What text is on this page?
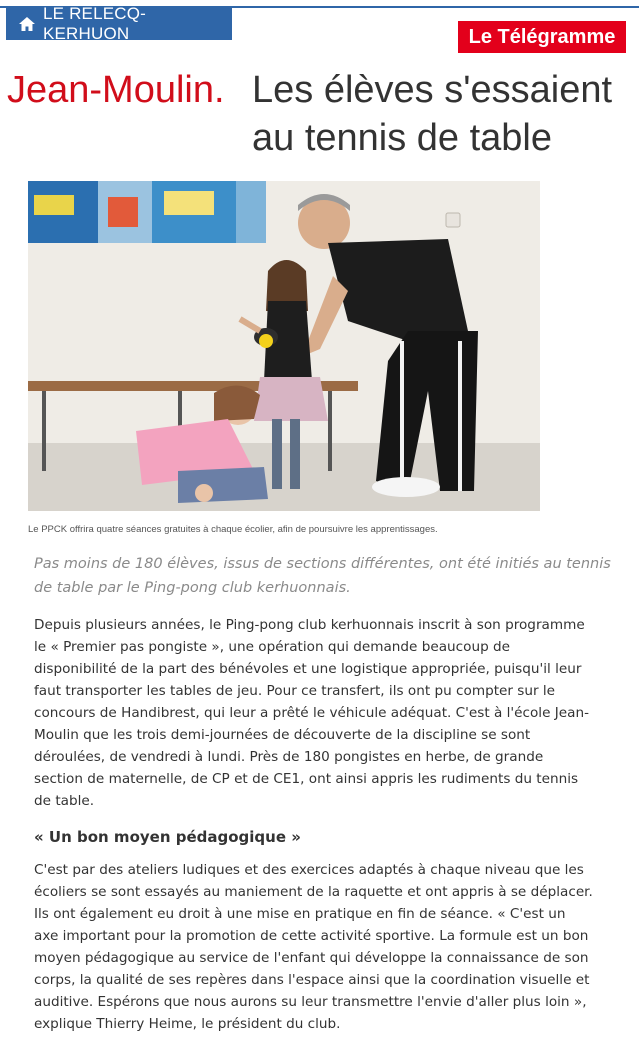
LE RELECQ-KERHUON	Le Télégramme
Jean-Moulin. Les élèves s'essaient
au tennis de table
Le PPCK offrira quatre séances gratuites à chaque écolier, afin de poursuivre les apprentissages.
Pas moins de 180 élèves, issus de sections différentes, ont été initiés au tennis de table par le Ping-pong club kerhuonnais.
Depuis plusieurs années, le Ping-pong club kerhuonnais inscrit à son programme le « Premier pas pongiste », une opération qui demande beaucoup de disponibilité de la part des bénévoles et une logistique appropriée, puisqu'il leur faut transporter les tables de jeu. Pour ce transfert, ils ont pu compter sur le concours de Handibrest, qui leur a prêté le véhicule adéquat. C'est à l'école Jean-Moulin que les trois demi-journées de découverte de la discipline se sont déroulées, de vendredi à lundi. Près de 180 pongistes en herbe, de grande section de maternelle, de CP et de CE1, ont ainsi appris les rudiments du tennis de table.
« Un bon moyen pédagogique »
C'est par des ateliers ludiques et des exercices adaptés à chaque niveau que les écoliers se sont essayés au maniement de la raquette et ont appris à se déplacer. Ils ont également eu droit à une mise en pratique en fin de séance. « C'est un axe important pour la promotion de cette activité sportive. La formule est un bon moyen pédagogique au service de l'enfant qui développe la connaissance de son corps, la qualité de ses repères dans l'espace ainsi que la coordination visuelle et auditive. Espérons que nous aurons su leur transmettre l'envie d'aller plus loin », explique Thierry Heime, le président du club.
